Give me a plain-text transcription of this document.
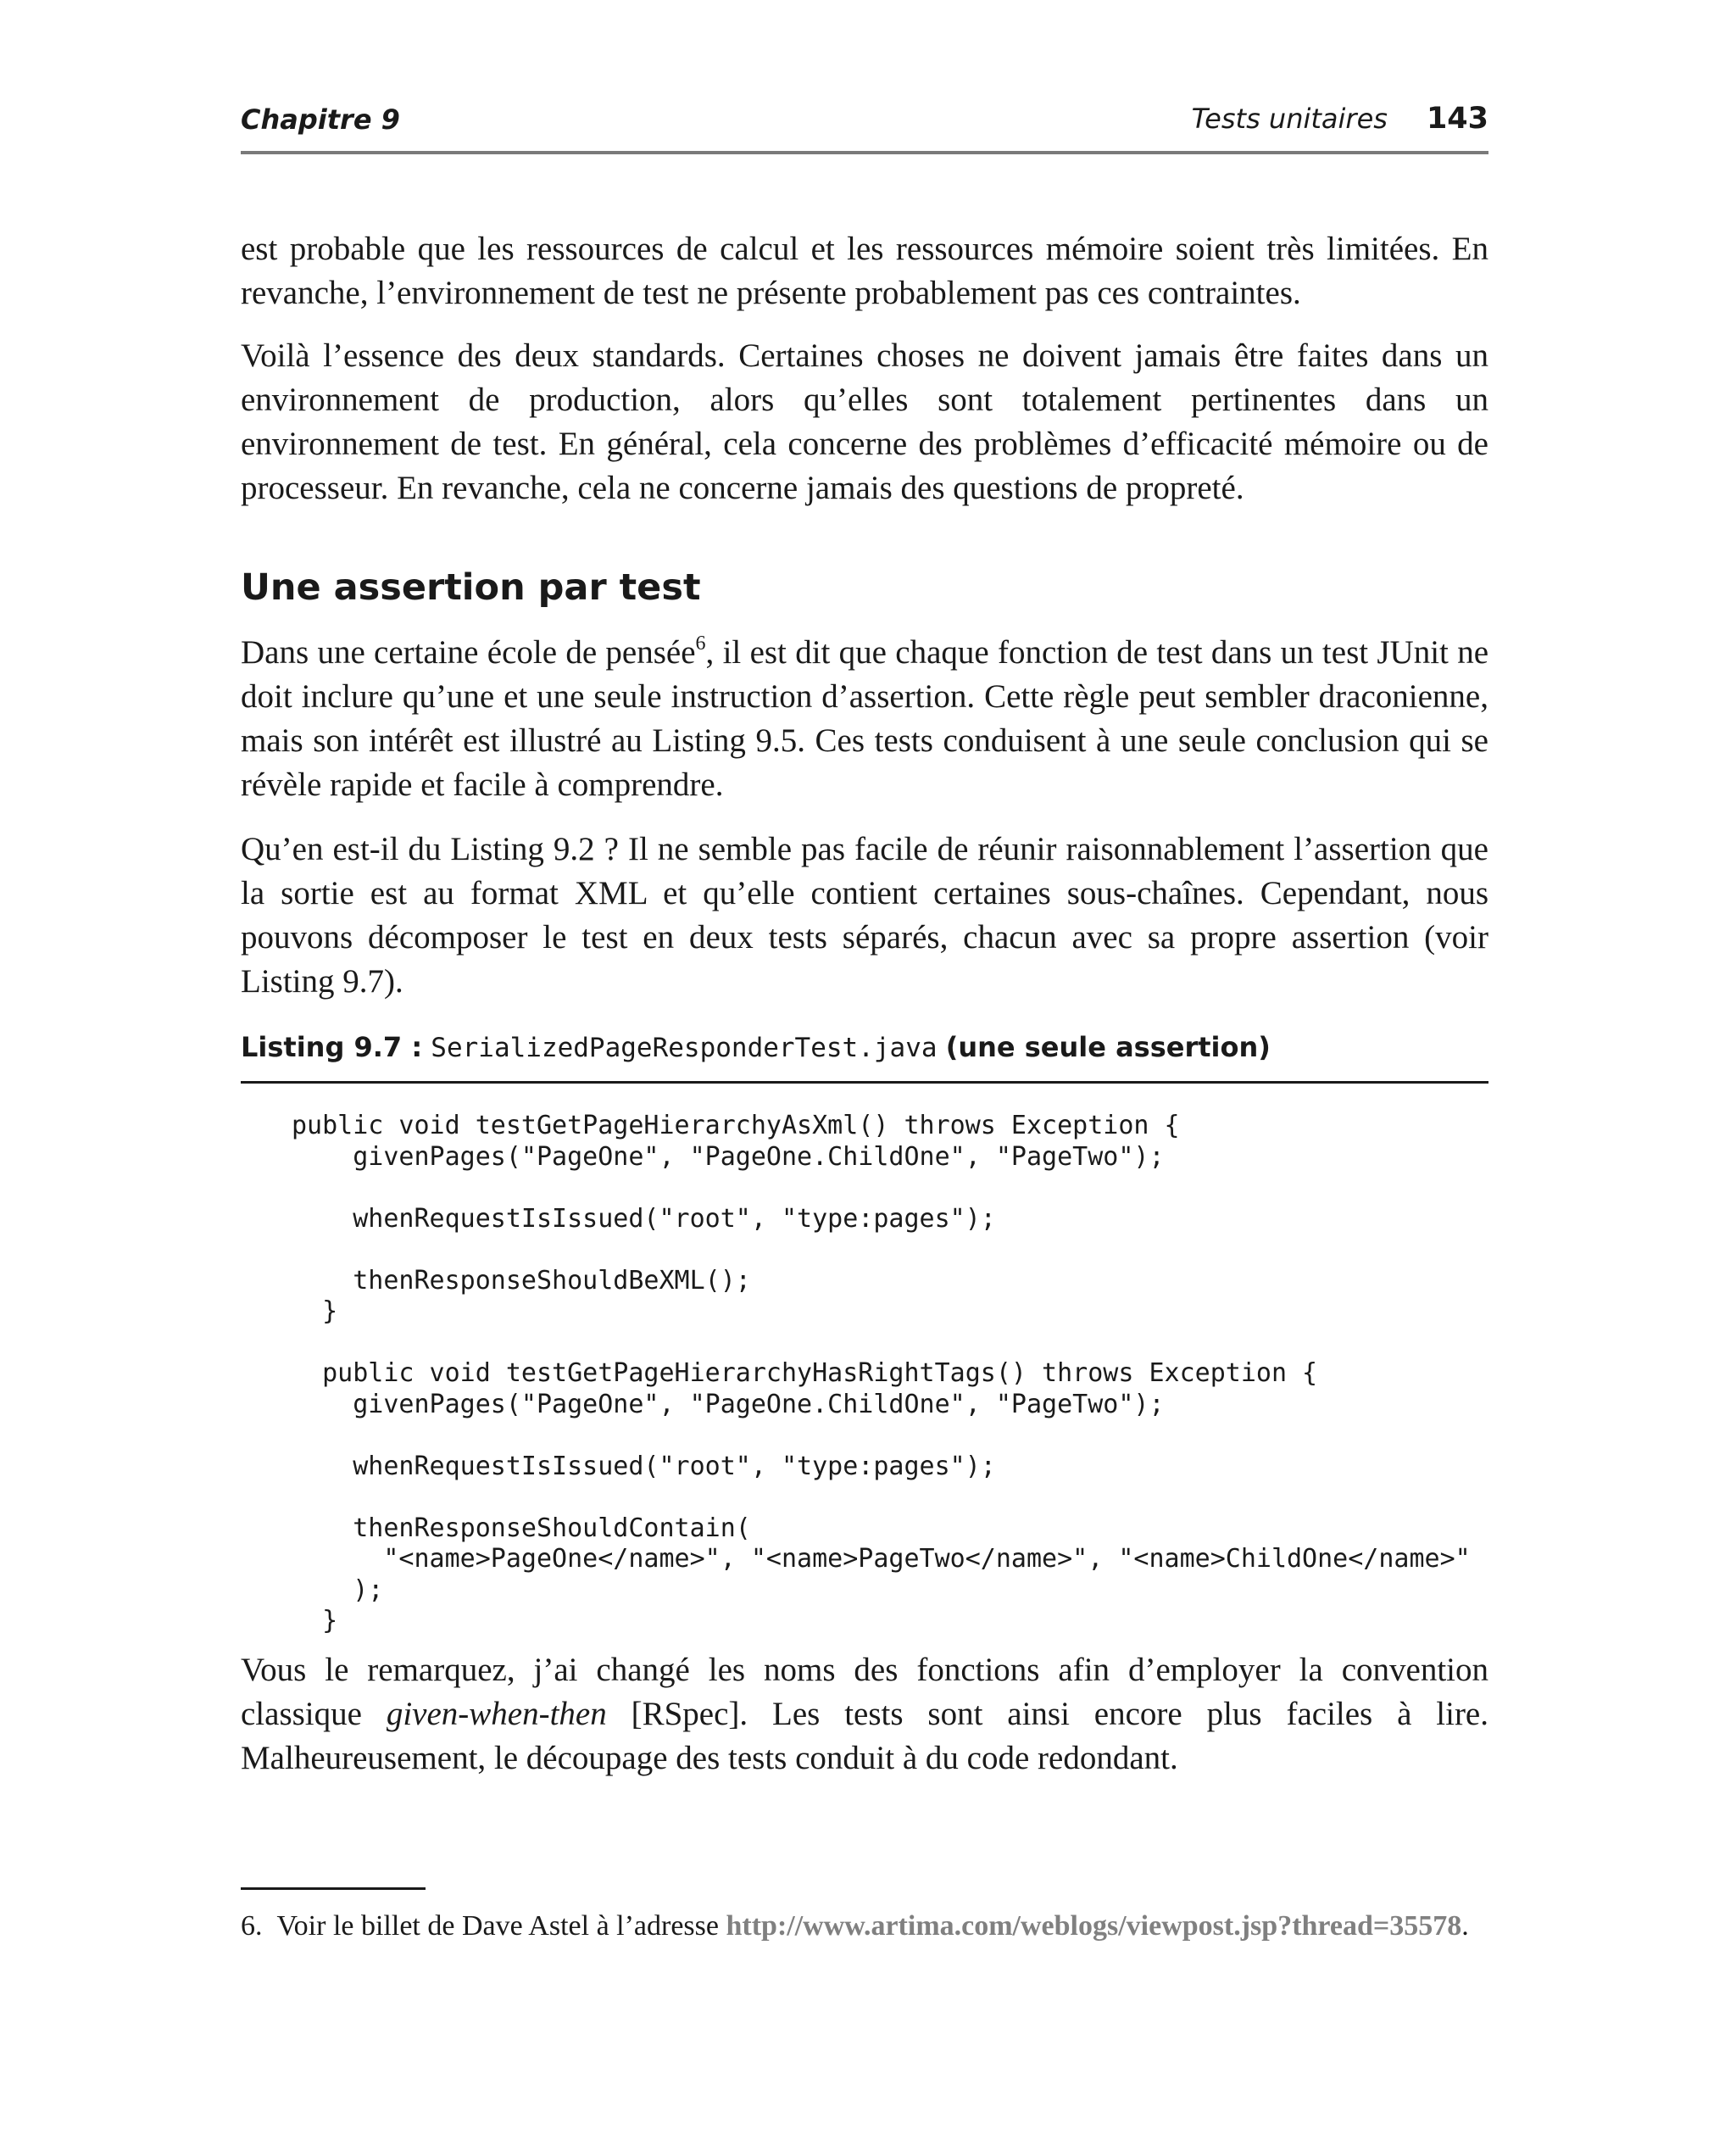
Chapitre 9	Tests unitaires 143

est probable que les ressources de calcul et les ressources mémoire soient très limitées. En revanche, l’environnement de test ne présente probablement pas ces contraintes.

Voilà l’essence des deux standards. Certaines choses ne doivent jamais être faites dans un environnement de production, alors qu’elles sont totalement pertinentes dans un environnement de test. En général, cela concerne des problèmes d’efficacité mémoire ou de processeur. En revanche, cela ne concerne jamais des questions de propreté.

Une assertion par test

Dans une certaine école de pensée$^6$, il est dit que chaque fonction de test dans un test JUnit ne doit inclure qu’une et une seule instruction d’assertion. Cette règle peut sembler draconienne, mais son intérêt est illustré au Listing 9.5. Ces tests conduisent à une seule conclusion qui se révèle rapide et facile à comprendre.

Qu’en est-il du Listing 9.2 ? Il ne semble pas facile de réunir raisonnablement l’assertion que la sortie est au format XML et qu’elle contient certaines sous-chaînes. Cependant, nous pouvons décomposer le test en deux tests séparés, chacun avec sa propre assertion (voir Listing 9.7).

Listing 9.7 : SerializedPageResponderTest.java (une seule assertion)
public void testGetPageHierarchyAsXml() throws Exception {
givenPages("PageOne", "PageOne.ChildOne", "PageTwo");

whenRequestIsIssued("root", "type:pages");

thenResponseShouldBeXML();
}

public void testGetPageHierarchyHasRightTags() throws Exception {
givenPages("PageOne", "PageOne.ChildOne", "PageTwo");

whenRequestIsIssued("root", "type:pages");

thenResponseShouldContain(
"<name>PageOne</name>", "<name>PageTwo</name>", "<name>ChildOne</name>"
);
}

Vous le remarquez, j’ai changé les noms des fonctions afin d’employer la convention classique given-when-then [RSpec]. Les tests sont ainsi encore plus faciles à lire. Malheureusement, le découpage des tests conduit à du code redondant.

6. Voir le billet de Dave Astel à l’adresse http://www.artima.com/weblogs/viewpost.jsp?thread=35578.
